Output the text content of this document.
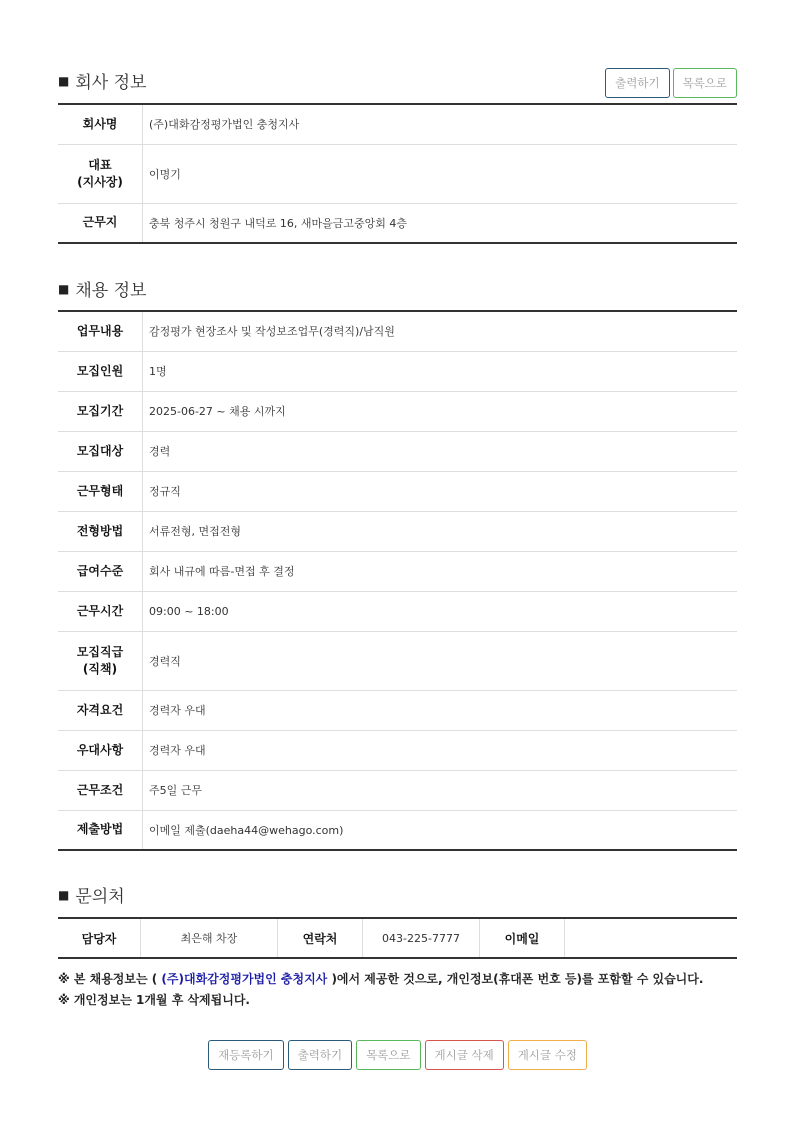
■ 회사 정보	출력하기	목록으로
회사명	(주)대화감정평가법인 충청지사
대표
(지사장)	이명기
근무지	충북 청주시 청원구 내덕로 16, 새마을금고중앙회 4층
■ 채용 정보
업무내용	감정평가 현장조사 및 작성보조업무(경력직)/남직원
모집인원	1명
모집기간	2025-06-27 ~ 채용 시까지
모집대상	경력
근무형태	정규직
전형방법	서류전형, 면접전형
급여수준	회사 내규에 따름-면접 후 결정
근무시간	09:00 ~ 18:00
모집직급
(직책)	경력직
자격요건	경력자 우대
우대사항	경력자 우대
근무조건	주5일 근무
제출방법	이메일 제출(daeha44@wehago.com)
■ 문의처
담당자	최은해 차장	연락처	043-225-7777	이메일	
※ 본 채용정보는 ( (주)대화감정평가법인 충청지사 )에서 제공한 것으로, 개인정보(휴대폰 번호 등)를 포함할 수 있습니다.
※ 개인정보는 1개월 후 삭제됩니다.
재등록하기	출력하기	목록으로	게시글 삭제	게시글 수정
